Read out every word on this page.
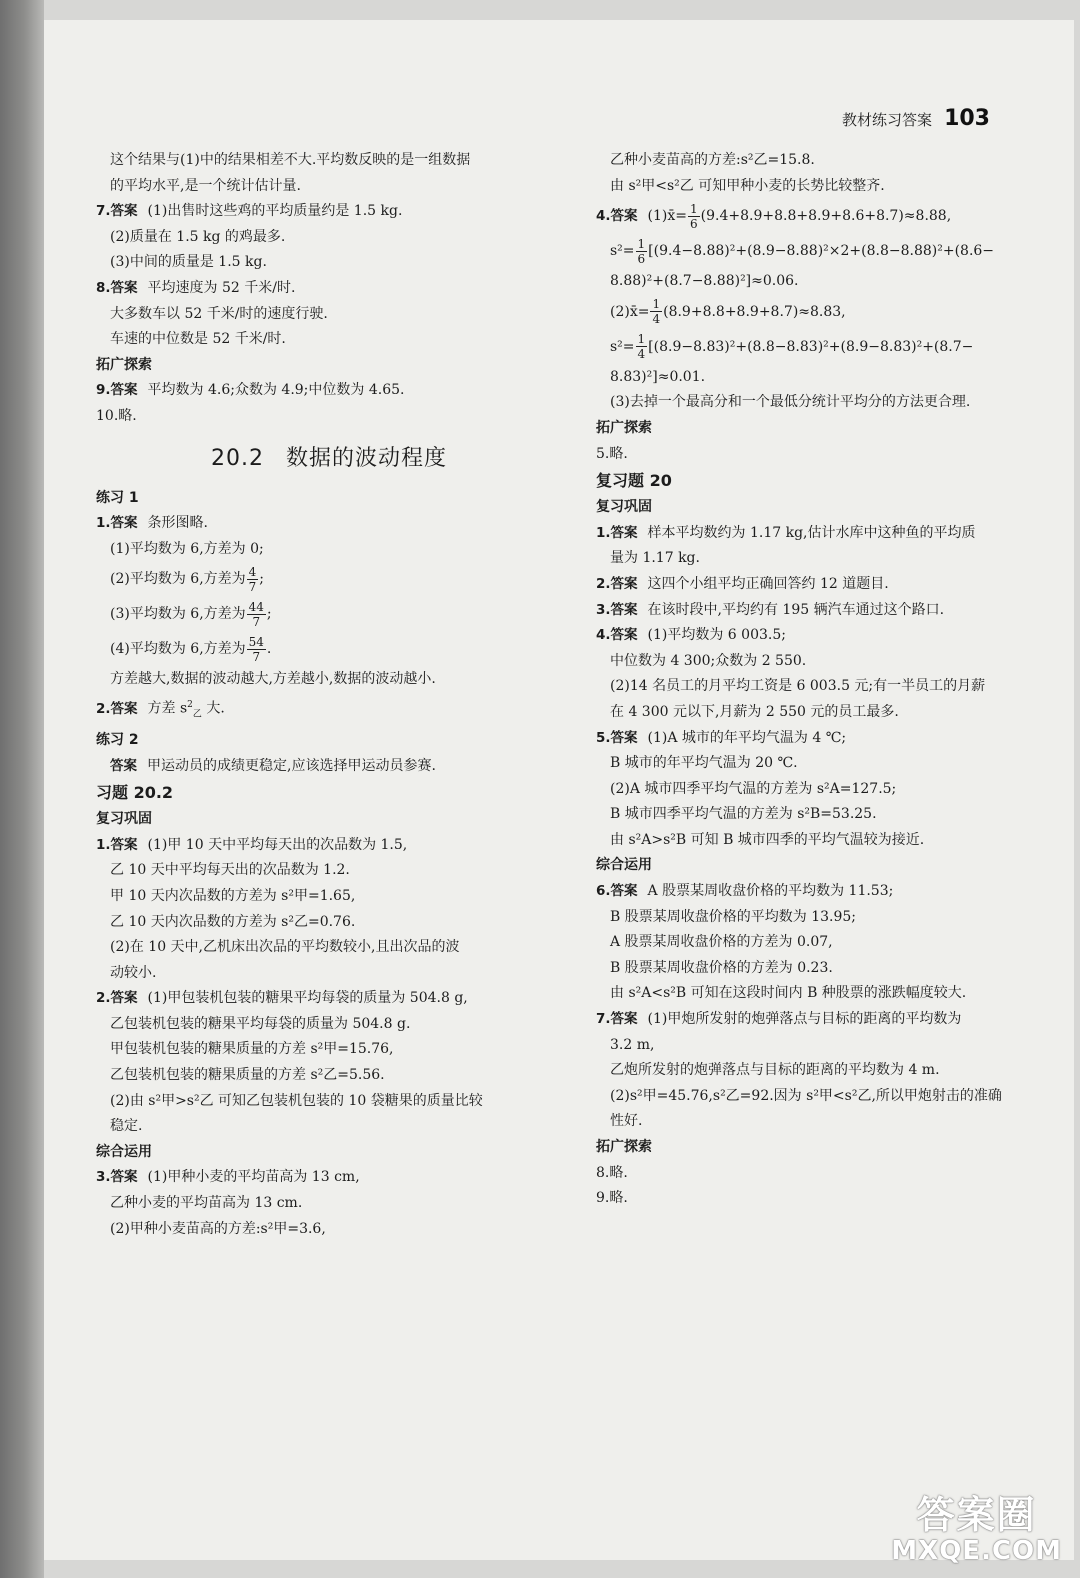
教材练习答案 103
这个结果与(1)中的结果相差不大.平均数反映的是一组数据
的平均水平,是一个统计估计量.
7.答案 (1)出售时这些鸡的平均质量约是 1.5 kg.
(2)质量在 1.5 kg 的鸡最多.
(3)中间的质量是 1.5 kg.
8.答案 平均速度为 52 千米/时.
大多数车以 52 千米/时的速度行驶.
车速的中位数是 52 千米/时.
拓广探索
9.答案 平均数为 4.6;众数为 4.9;中位数为 4.65.
10.略.
20.2 数据的波动程度
练习 1
1.答案 条形图略.
(1)平均数为 6,方差为 0;
(2)平均数为 6,方差为 $\frac{4}{7}$ ;
(3)平均数为 6,方差为 $\frac{44}{7}$ ;
(4)平均数为 6,方差为 $\frac{54}{7}$ .
方差越大,数据的波动越大,方差越小,数据的波动越小.
2.答案 方差 $s^2_乙$ 大.
练习 2
答案 甲运动员的成绩更稳定,应该选择甲运动员参赛.
习题 20.2
复习巩固
1.答案 (1)甲 10 天中平均每天出的次品数为 1.5,
乙 10 天中平均每天出的次品数为 1.2.
甲 10 天内次品数的方差为 s²甲=1.65,
乙 10 天内次品数的方差为 s²乙=0.76.
(2)在 10 天中,乙机床出次品的平均数较小,且出次品的波
动较小.
2.答案 (1)甲包装机包装的糖果平均每袋的质量为 504.8 g,
乙包装机包装的糖果平均每袋的质量为 504.8 g.
甲包装机包装的糖果质量的方差 s²甲=15.76,
乙包装机包装的糖果质量的方差 s²乙=5.56.
(2)由 s²甲>s²乙 可知乙包装机包装的 10 袋糖果的质量比较
稳定.
综合运用
3.答案 (1)甲种小麦的平均苗高为 13 cm,
乙种小麦的平均苗高为 13 cm.
(2)甲种小麦苗高的方差:s²甲=3.6,
乙种小麦苗高的方差:s²乙=15.8.
由 s²甲<s²乙 可知甲种小麦的长势比较整齐.
4.答案 (1)x̄= $\frac{1}{6} (9.4+8.9+8.8+8.9+8.6+8.7)\approx 8.88$,
$s^2= \frac{1}{6} [(9.4-8.88)^2+(8.9-8.88)^2\times 2+(8.8-8.88)^2+(8.6-$
8.88)²+(8.7−8.88)²]≈0.06.
(2)x̄= $\frac{1}{4} (8.9+8.8+8.9+8.7)\approx 8.83$,
$s^2= \frac{1}{4} [(8.9-8.83)^2+(8.8-8.83)^2+(8.9-8.83)^2+(8.7-$
8.83)²]≈0.01.
(3)去掉一个最高分和一个最低分统计平均分的方法更合理.
拓广探索
5.略.
复习题 20
复习巩固
1.答案 样本平均数约为 1.17 kg,估计水库中这种鱼的平均质
量为 1.17 kg.
2.答案 这四个小组平均正确回答约 12 道题目.
3.答案 在该时段中,平均约有 195 辆汽车通过这个路口.
4.答案 (1)平均数为 6 003.5;
中位数为 4 300;众数为 2 550.
(2)14 名员工的月平均工资是 6 003.5 元;有一半员工的月薪
在 4 300 元以下,月薪为 2 550 元的员工最多.
5.答案 (1)A 城市的年平均气温为 4 ℃;
B 城市的年平均气温为 20 ℃.
(2)A 城市四季平均气温的方差为 s²A=127.5;
B 城市四季平均气温的方差为 s²B=53.25.
由 s²A>s²B 可知 B 城市四季的平均气温较为接近.
综合运用
6.答案 A 股票某周收盘价格的平均数为 11.53;
B 股票某周收盘价格的平均数为 13.95;
A 股票某周收盘价格的方差为 0.07,
B 股票某周收盘价格的方差为 0.23.
由 s²A<s²B 可知在这段时间内 B 种股票的涨跌幅度较大.
7.答案 (1)甲炮所发射的炮弹落点与目标的距离的平均数为
3.2 m,
乙炮所发射的炮弹落点与目标的距离的平均数为 4 m.
(2)s²甲=45.76,s²乙=92.因为 s²甲<s²乙,所以甲炮射击的准确
性好.
拓广探索
8.略.
9.略.
答案圈
MXQE.COM
